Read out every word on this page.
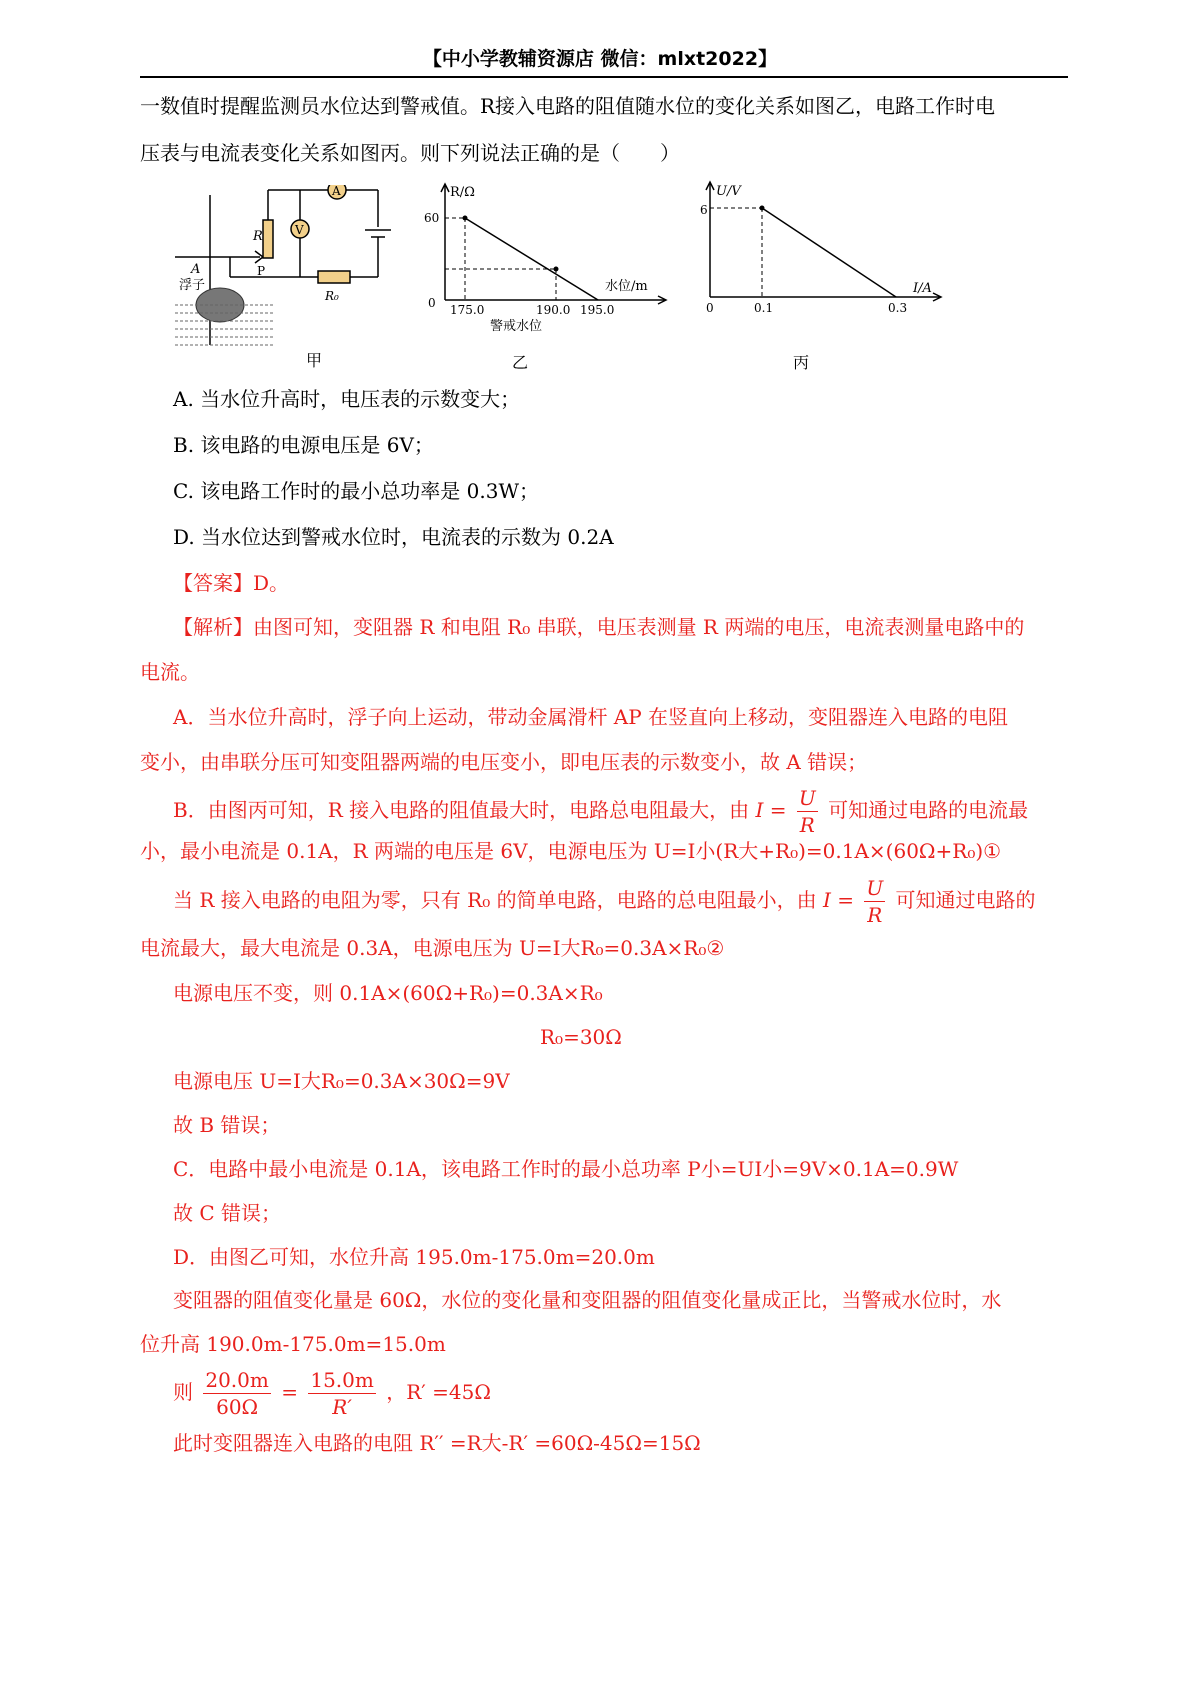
【中小学教辅资源店 微信：mlxt2022】
一数值时提醒监测员水位达到警戒值。R接入电路的阻值随水位的变化关系如图乙，电路工作时电
压表与电流表变化关系如图丙。则下列说法正确的是（　　）
A
浮子
R
P
V
A
R₀
甲
R/Ω
60
0 175.0	190.0 195.0
水位/m
警戒水位
乙
U/V
6
0	0.1	0.3
I/A
丙
A. 当水位升高时，电压表的示数变大；
B. 该电路的电源电压是 6V；
C. 该电路工作时的最小总功率是 0.3W；
D. 当水位达到警戒水位时，电流表的示数为 0.2A
【答案】D。
【解析】由图可知，变阻器 R 和电阻 R₀ 串联，电压表测量 R 两端的电压，电流表测量电路中的
电流。
A．当水位升高时，浮子向上运动，带动金属滑杆 AP 在竖直向上移动，变阻器连入电路的电阻
变小，由串联分压可知变阻器两端的电压变小，即电压表的示数变小，故 A 错误；
B．由图丙可知，R 接入电路的阻值最大时，电路总电阻最大，由 $I = \frac{U}{R}$ 可知通过电路的电流最
小，最小电流是 0.1A，R 两端的电压是 6V，电源电压为 U=I小(R大+R₀)=0.1A×(60Ω+R₀)①
当 R 接入电路的电阻为零，只有 R₀ 的简单电路，电路的总电阻最小，由 $I = \frac{U}{R}$ 可知通过电路的
电流最大，最大电流是 0.3A，电源电压为 U=I大R₀=0.3A×R₀②
电源电压不变，则 0.1A×(60Ω+R₀)=0.3A×R₀
R₀=30Ω
电源电压 U=I大R₀=0.3A×30Ω=9V
故 B 错误；
C．电路中最小电流是 0.1A，该电路工作时的最小总功率 P小=UI小=9V×0.1A=0.9W
故 C 错误；
D．由图乙可知，水位升高 195.0m-175.0m=20.0m
变阻器的阻值变化量是 60Ω，水位的变化量和变阻器的阻值变化量成正比，当警戒水位时，水
位升高 190.0m-175.0m=15.0m
则 $\frac{20.0m}{60\Omega} = \frac{15.0m}{R'}$ ，R′ =45Ω
此时变阻器连入电路的电阻 R′′ =R大-R′ =60Ω-45Ω=15Ω
